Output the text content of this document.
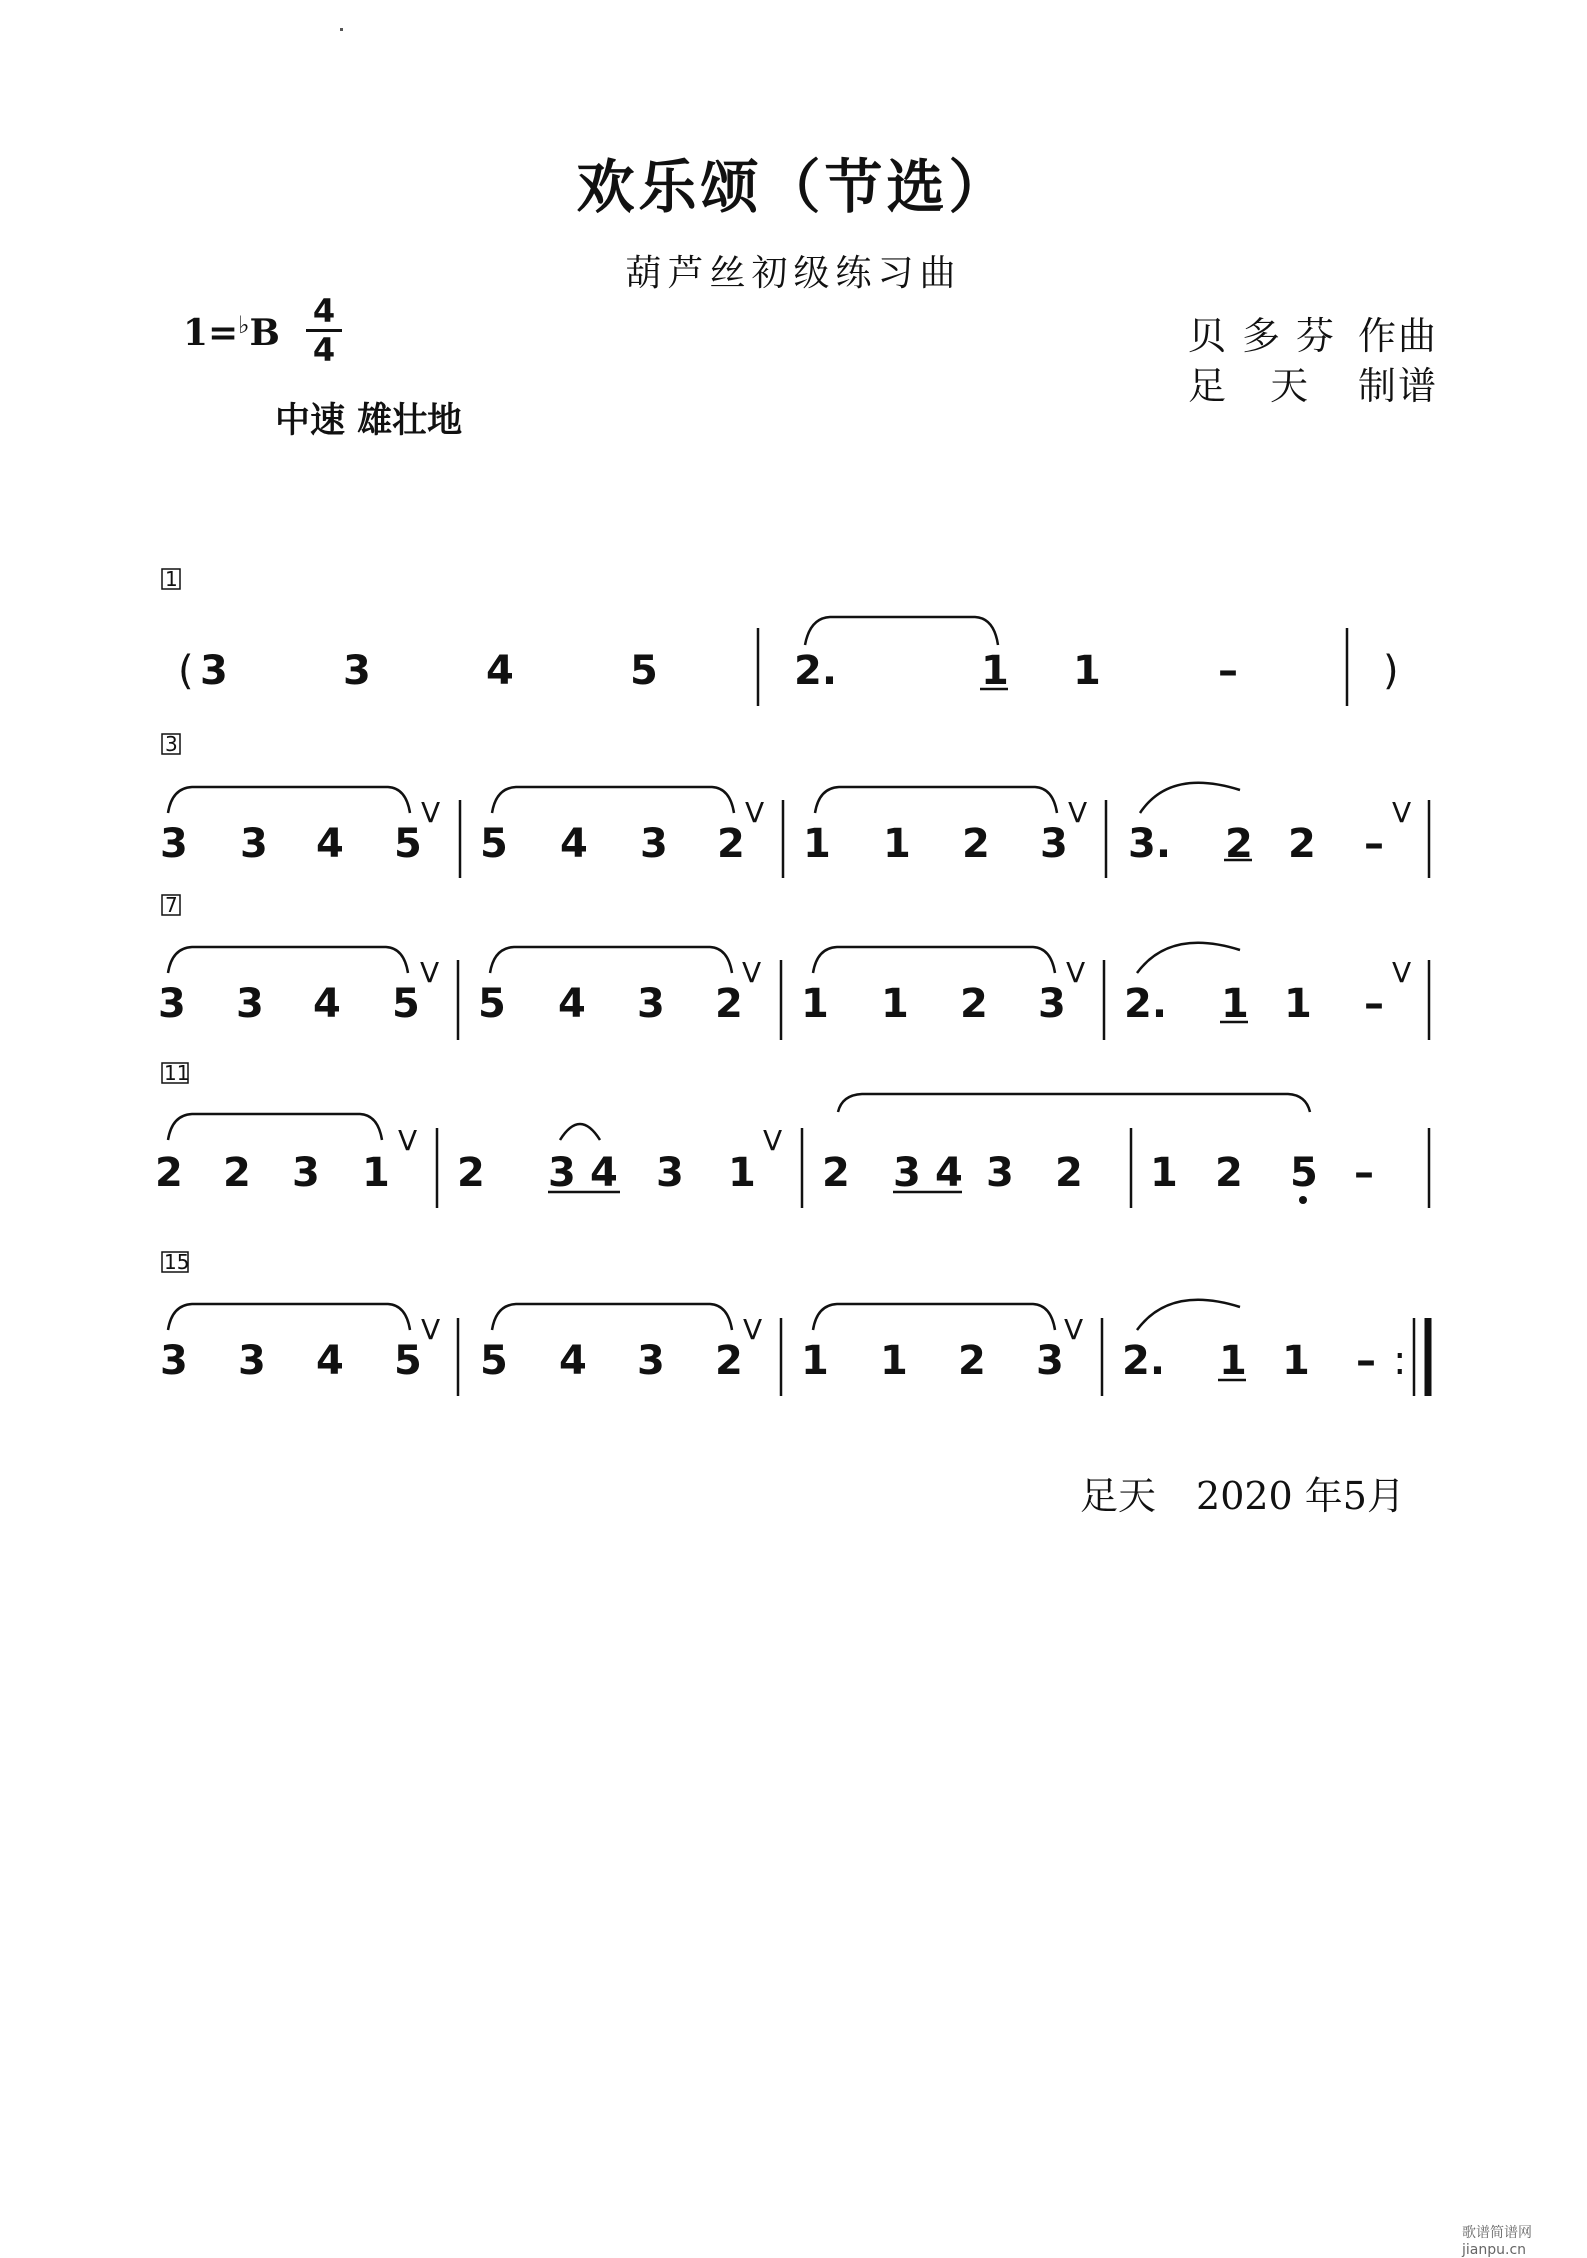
欢乐颂（节选）
葫芦丝初级练习曲
1=♭B
4
4
中速 雄壮地
贝多芬 作曲
足 天 制谱
1
3
7
11
15
( 3	3	4	5	2.	1 1	–	)
3 3 4 5
V
5 4 3 2
V
1 1 2 3
V
3. 2 2 –
V
3 3 4 5
V
5 4 3 2
V
1 1 2 3
V
2. 1 1 –
V
2 2 3 1
V
2 3 4 3 1
V
2 3 4 3 2 1 2 5 –
3 3 4 5
V
5 4 3 2
V
1 1 2 3
V
2. 1 1 – :
足天 2020 年5月
歌谱简谱网 jianpu.cn
